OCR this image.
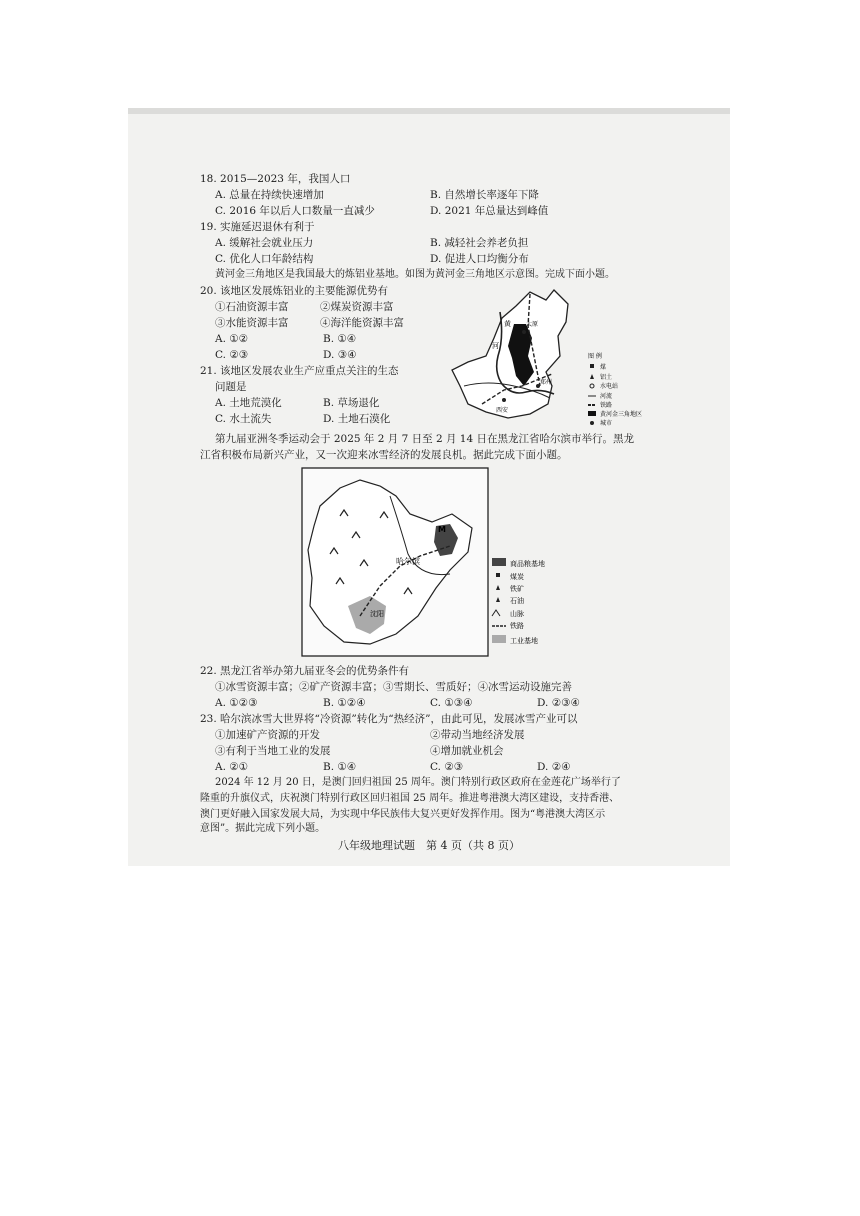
18. 2015—2023 年，我国人口
A. 总量在持续快速增加	B. 自然增长率逐年下降
C. 2016 年以后人口数量一直减少	D. 2021 年总量达到峰值
19. 实施延迟退休有利于
A. 缓解社会就业压力	B. 减轻社会养老负担
C. 优化人口年龄结构	D. 促进人口均衡分布
黄河金三角地区是我国最大的炼铝业基地。如图为黄河金三角地区示意图。完成下面小题。
20. 该地区发展炼铝业的主要能源优势有
①石油资源丰富	②煤炭资源丰富
③水能资源丰富	④海洋能资源丰富
A. ①②	B. ①④
C. ②③	D. ③④
21. 该地区发展农业生产应重点关注的生态
问题是
A. 土地荒漠化	B. 草场退化
C. 水土流失	D. 土地石漠化
黄	太原
河
郑州
西安
图 例
煤
铝土
水电站
河流
铁路
黄河金三角地区
城市
第九届亚洲冬季运动会于 2025 年 2 月 7 日至 2 月 14 日在黑龙江省哈尔滨市举行。黑龙
江省积极布局新兴产业，又一次迎来冰雪经济的发展良机。据此完成下面小题。
M
哈尔滨
沈阳
商品粮基地
煤炭
铁矿
石油
山脉
铁路
工业基地
22. 黑龙江省举办第九届亚冬会的优势条件有
①冰雪资源丰富；②矿产资源丰富；③雪期长、雪质好；④冰雪运动设施完善
A. ①②③	B. ①②④	C. ①③④	D. ②③④
23. 哈尔滨冰雪大世界将“冷资源”转化为“热经济”，由此可见，发展冰雪产业可以
①加速矿产资源的开发	②带动当地经济发展
③有利于当地工业的发展	④增加就业机会
A. ②①	B. ①④	C. ②③	D. ②④
2024 年 12 月 20 日，是澳门回归祖国 25 周年。澳门特别行政区政府在金莲花广场举行了
隆重的升旗仪式，庆祝澳门特别行政区回归祖国 25 周年。推进粤港澳大湾区建设，支持香港、
澳门更好融入国家发展大局，为实现中华民族伟大复兴更好发挥作用。图为“粤港澳大湾区示
意图”。据此完成下列小题。
八年级地理试题　第 4 页（共 8 页）
